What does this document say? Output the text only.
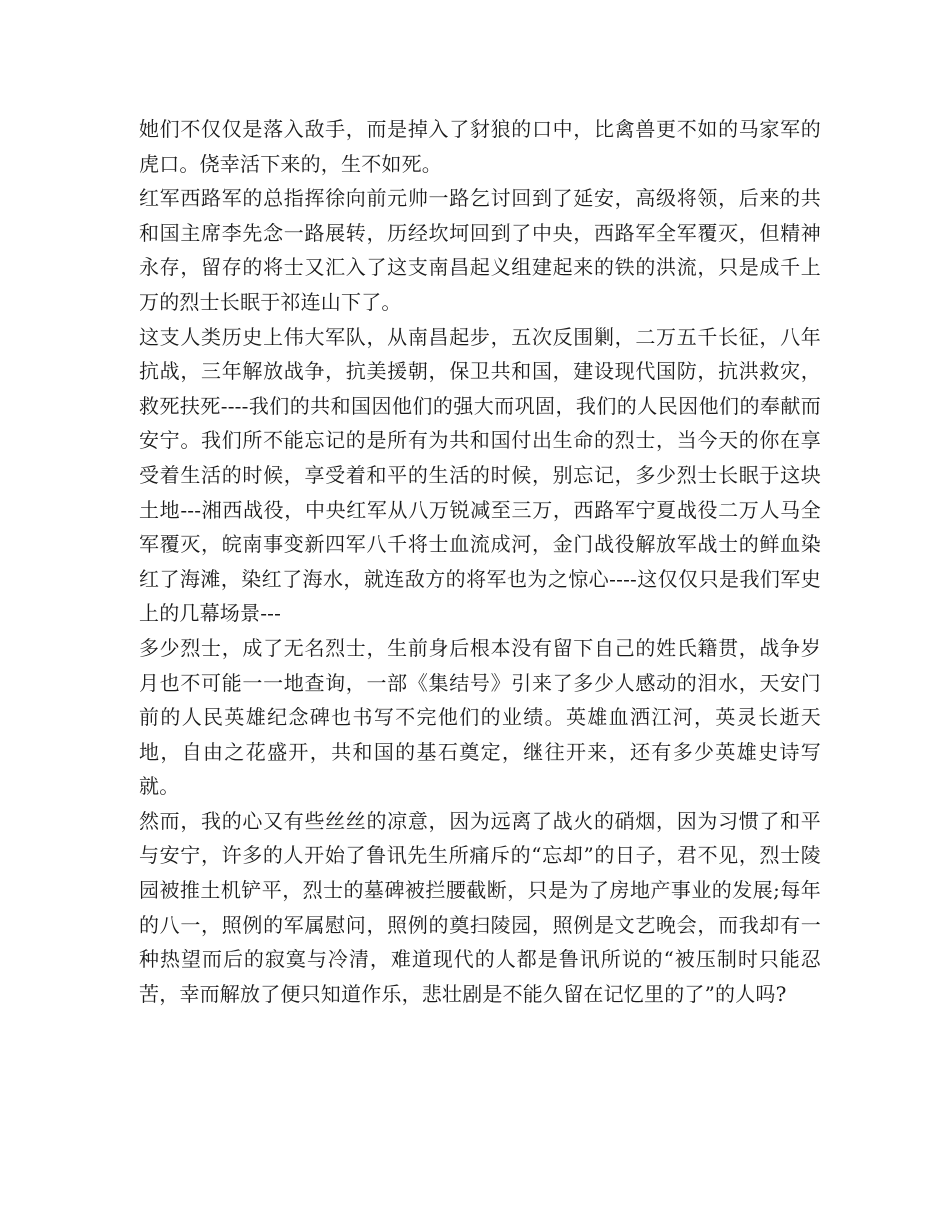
她们不仅仅是落入敌手，而是掉入了豺狼的口中，比禽兽更不如的马家军的虎口。侥幸活下来的，生不如死。

红军西路军的总指挥徐向前元帅一路乞讨回到了延安，高级将领，后来的共和国主席李先念一路展转，历经坎坷回到了中央，西路军全军覆灭，但精神永存，留存的将士又汇入了这支南昌起义组建起来的铁的洪流，只是成千上万的烈士长眠于祁连山下了。

这支人类历史上伟大军队，从南昌起步，五次反围剿，二万五千长征，八年抗战，三年解放战争，抗美援朝，保卫共和国，建设现代国防，抗洪救灾，救死扶死----我们的共和国因他们的强大而巩固，我们的人民因他们的奉献而安宁。我们所不能忘记的是所有为共和国付出生命的烈士，当今天的你在享受着生活的时候，享受着和平的生活的时候，别忘记，多少烈士长眠于这块土地---湘西战役，中央红军从八万锐减至三万，西路军宁夏战役二万人马全军覆灭，皖南事变新四军八千将士血流成河，金门战役解放军战士的鲜血染红了海滩，染红了海水，就连敌方的将军也为之惊心----这仅仅只是我们军史上的几幕场景---

多少烈士，成了无名烈士，生前身后根本没有留下自己的姓氏籍贯，战争岁月也不可能一一地查询，一部《集结号》引来了多少人感动的泪水，天安门前的人民英雄纪念碑也书写不完他们的业绩。英雄血洒江河，英灵长逝天地，自由之花盛开，共和国的基石奠定，继往开来，还有多少英雄史诗写就。

然而，我的心又有些丝丝的凉意，因为远离了战火的硝烟，因为习惯了和平与安宁，许多的人开始了鲁讯先生所痛斥的“忘却”的日子，君不见，烈士陵园被推土机铲平，烈士的墓碑被拦腰截断，只是为了房地产事业的发展;每年的八一，照例的军属慰问，照例的奠扫陵园，照例是文艺晚会，而我却有一种热望而后的寂寞与冷清，难道现代的人都是鲁讯所说的“被压制时只能忍苦，幸而解放了便只知道作乐，悲壮剧是不能久留在记忆里的了”的人吗?
